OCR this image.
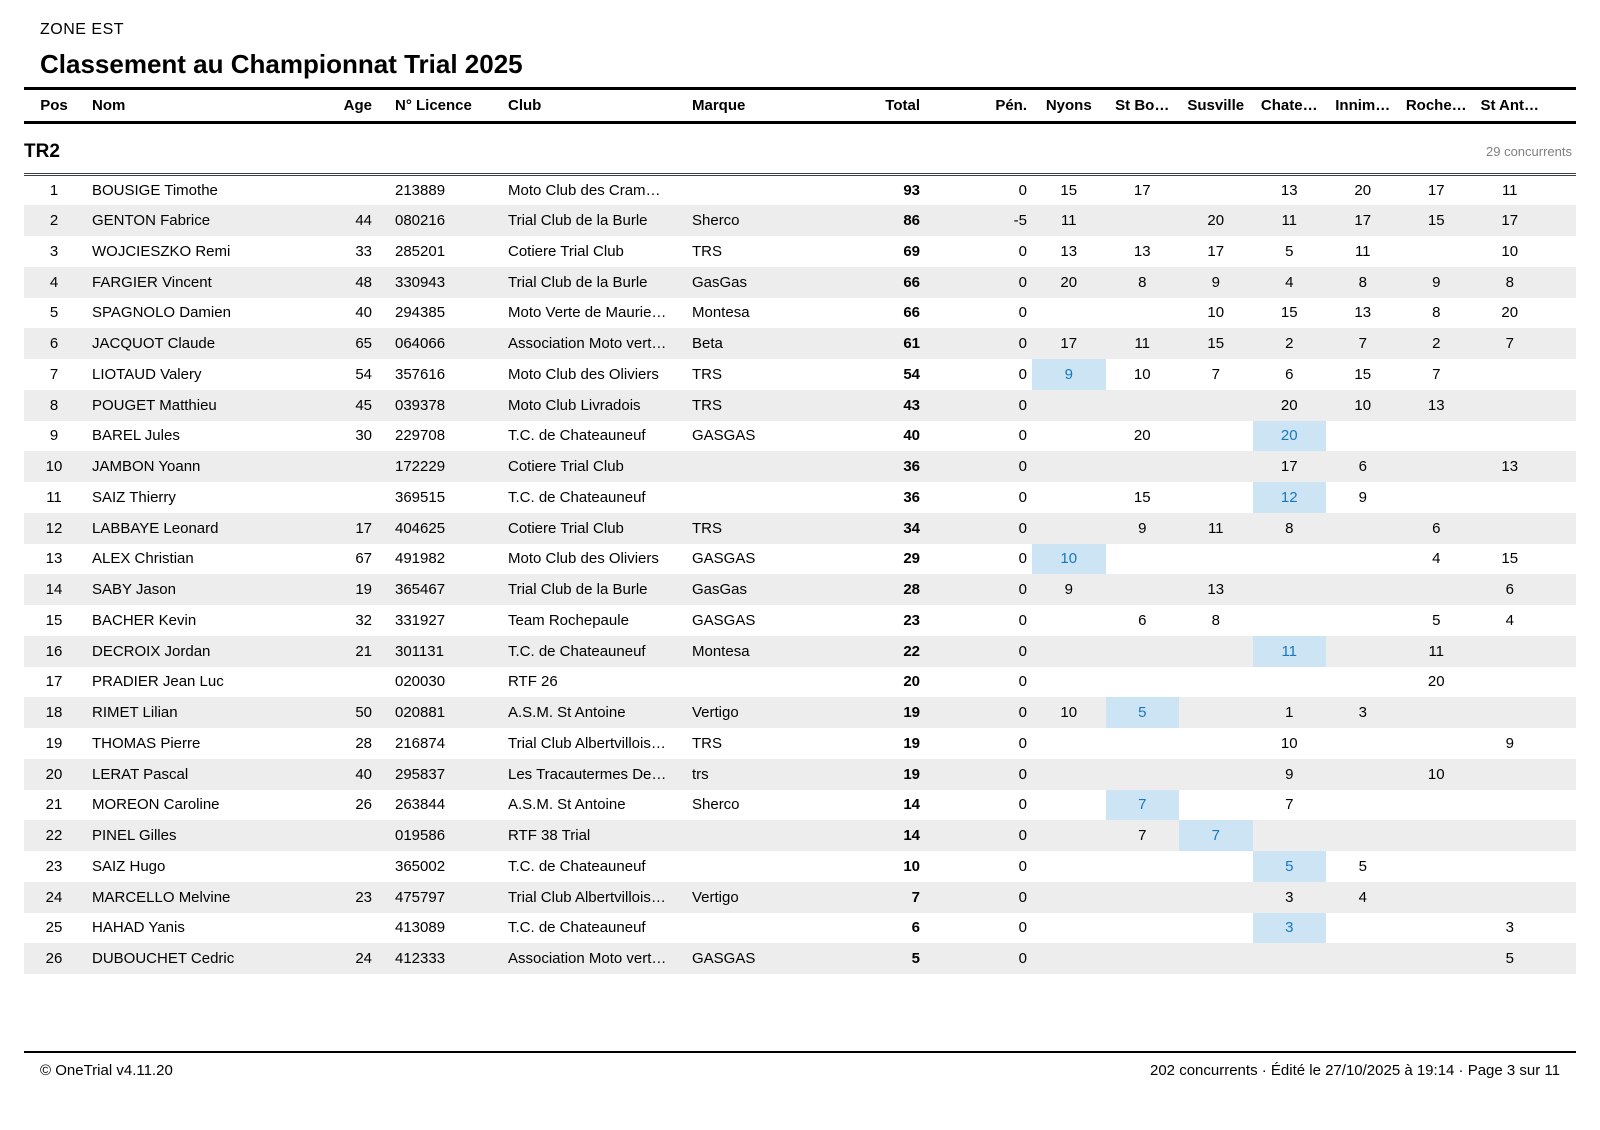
ZONE EST
Classement au Championnat Trial 2025
Pos	Nom	Age	N° Licence	Club	Marque	Total	Pén.	Nyons	St Bo…	Susville	Chate…	Innim…	Roche…	St Ant…	

TR2 29 concurrents															

1	BOUSIGE Timothe		213889	Moto Club des Cram…		93	0	15	17		13	20	17	11	
2	GENTON Fabrice	44	080216	Trial Club de la Burle	Sherco	86	-5	11		20	11	17	15	17	
3	WOJCIESZKO Remi	33	285201	Cotiere Trial Club	TRS	69	0	13	13	17	5	11		10	
4	FARGIER Vincent	48	330943	Trial Club de la Burle	GasGas	66	0	20	8	9	4	8	9	8	
5	SPAGNOLO Damien	40	294385	Moto Verte de Maurie…	Montesa	66	0			10	15	13	8	20	
6	JACQUOT Claude	65	064066	Association Moto vert…	Beta	61	0	17	11	15	2	7	2	7	
7	LIOTAUD Valery	54	357616	Moto Club des Oliviers	TRS	54	0	9	10	7	6	15	7		
8	POUGET Matthieu	45	039378	Moto Club Livradois	TRS	43	0				20	10	13		
9	BAREL Jules	30	229708	T.C. de Chateauneuf	GASGAS	40	0		20		20				
10	JAMBON Yoann		172229	Cotiere Trial Club		36	0				17	6		13	
11	SAIZ Thierry		369515	T.C. de Chateauneuf		36	0		15		12	9			
12	LABBAYE Leonard	17	404625	Cotiere Trial Club	TRS	34	0		9	11	8		6		
13	ALEX Christian	67	491982	Moto Club des Oliviers	GASGAS	29	0	10					4	15	
14	SABY Jason	19	365467	Trial Club de la Burle	GasGas	28	0	9		13				6	
15	BACHER Kevin	32	331927	Team Rochepaule	GASGAS	23	0		6	8			5	4	
16	DECROIX Jordan	21	301131	T.C. de Chateauneuf	Montesa	22	0				11		11		
17	PRADIER Jean Luc		020030	RTF 26		20	0						20		
18	RIMET Lilian	50	020881	A.S.M. St Antoine	Vertigo	19	0	10	5		1	3			
19	THOMAS Pierre	28	216874	Trial Club Albertvillois…	TRS	19	0				10			9	
20	LERAT Pascal	40	295837	Les Tracautermes De…	trs	19	0				9		10		
21	MOREON Caroline	26	263844	A.S.M. St Antoine	Sherco	14	0		7		7				
22	PINEL Gilles		019586	RTF 38 Trial		14	0		7	7					
23	SAIZ Hugo		365002	T.C. de Chateauneuf		10	0				5	5			
24	MARCELLO Melvine	23	475797	Trial Club Albertvillois…	Vertigo	7	0				3	4			
25	HAHAD Yanis		413089	T.C. de Chateauneuf		6	0				3			3	
26	DUBOUCHET Cedric	24	412333	Association Moto vert…	GASGAS	5	0							5	
© OneTrial v4.11.20	202 concurrents · Édité le 27/10/2025 à 19:14 · Page 3 sur 11
